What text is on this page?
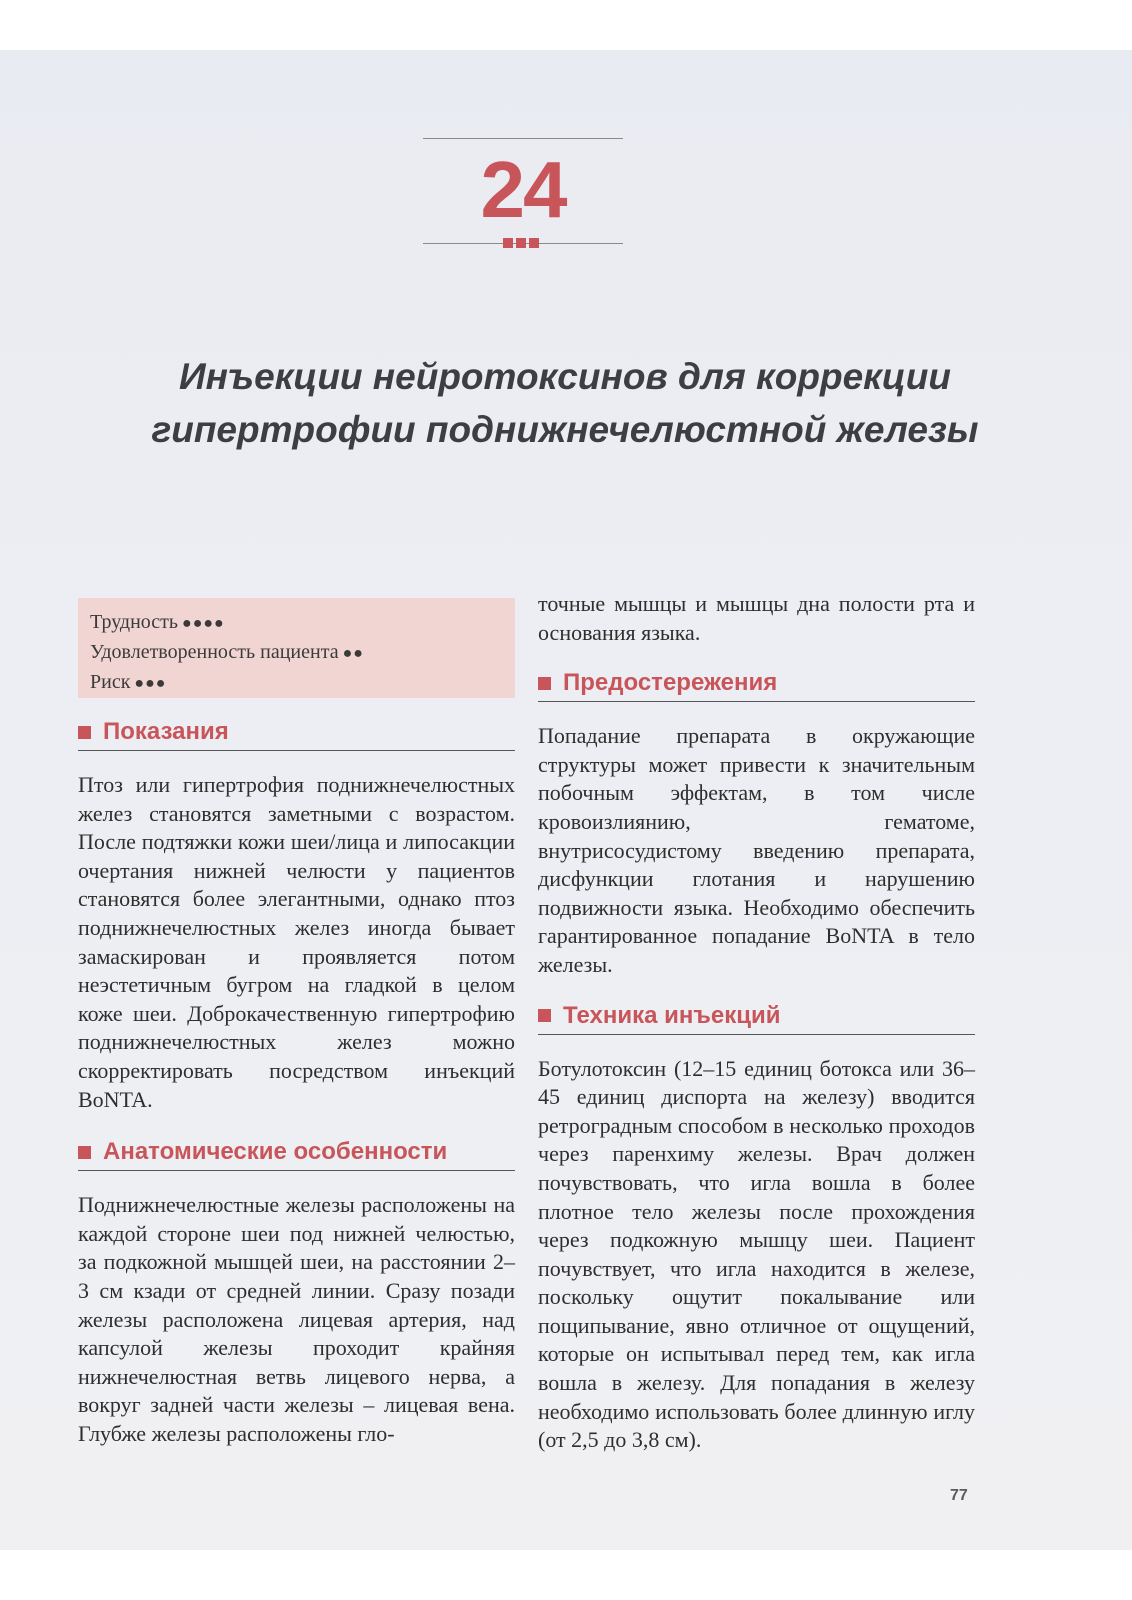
24
Инъекции нейротоксинов для коррекции
гипертрофии поднижнечелюстной железы
Трудность ●●●●
Удовлетворенность пациента ●●
Риск ●●●
Показания

Птоз или гипертрофия поднижнечелюстных желез становятся заметными с возрастом. После подтяжки кожи шеи/лица и липосакции очертания нижней челюсти у пациентов становятся более элегантными, однако птоз поднижнечелюстных желез иногда бывает замаскирован и проявляется потом неэстетичным бугром на гладкой в целом коже шеи. Доброкачественную гипертрофию поднижнечелюстных желез можно скорректировать посредством инъекций BoNTA.

Анатомические особенности

Поднижнечелюстные железы расположены на каждой стороне шеи под нижней челюстью, за подкожной мышцей шеи, на расстоянии 2–3 см кзади от средней линии. Сразу позади железы расположена лицевая артерия, над капсулой железы проходит крайняя нижнечелюстная ветвь лицевого нерва, а вокруг задней части железы – лицевая вена. Глубже железы расположены гло-

точные мышцы и мышцы дна полости рта и основания языка.

Предостережения

Попадание препарата в окружающие структуры может привести к значительным побочным эффектам, в том числе кровоизлиянию, гематоме, внутрисосудистому введению препарата, дисфункции глотания и нарушению подвижности языка. Необходимо обеспечить гарантированное попадание BoNTA в тело железы.

Техника инъекций

Ботулотоксин (12–15 единиц ботокса или 36–45 единиц диспорта на железу) вводится ретроградным способом в несколько проходов через паренхиму железы. Врач должен почувствовать, что игла вошла в более плотное тело железы после прохождения через подкожную мышцу шеи. Пациент почувствует, что игла находится в железе, поскольку ощутит покалывание или пощипывание, явно отличное от ощущений, которые он испытывал перед тем, как игла вошла в железу. Для попадания в железу необходимо использовать более длинную иглу (от 2,5 до 3,8 см).

77
